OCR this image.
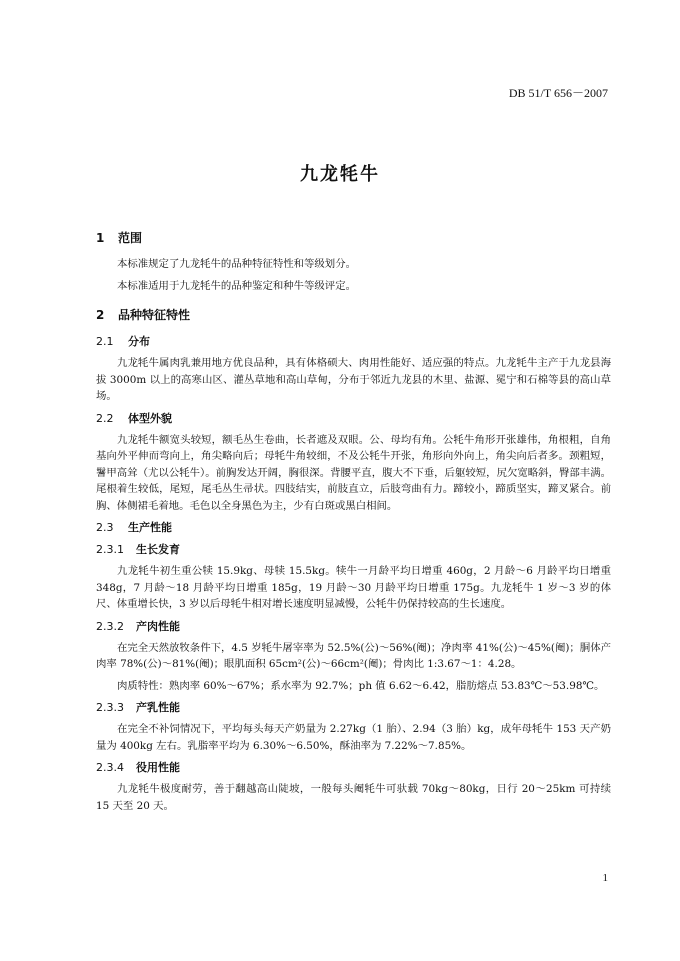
DB 51/T 656－2007
九龙牦牛
1 范围

本标准规定了九龙牦牛的品种特征特性和等级划分。

本标准适用于九龙牦牛的品种鉴定和种牛等级评定。

2 品种特征特性
2.1 分布

九龙牦牛属肉乳兼用地方优良品种，具有体格硕大、肉用性能好、适应强的特点。九龙牦牛主产于九龙县海拔 3000m 以上的高寒山区、灌丛草地和高山草甸，分布于邻近九龙县的木里、盐源、冕宁和石棉等县的高山草场。

2.2 体型外貌

九龙牦牛额宽头较短，额毛丛生卷曲，长者遮及双眼。公、母均有角。公牦牛角形开张雄伟，角根粗，自角基向外平伸而弯向上，角尖略向后；母牦牛角较细，不及公牦牛开张，角形向外向上，角尖向后者多。颈粗短，鬐甲高耸（尤以公牦牛）。前胸发达开阔，胸很深。背腰平直，腹大不下垂，后躯较短，尻欠宽略斜，臀部丰满。尾根着生较低，尾短，尾毛丛生帚状。四肢结实，前肢直立，后肢弯曲有力。蹄较小，蹄质坚实，蹄叉紧合。前胸、体侧裙毛着地。毛色以全身黑色为主，少有白斑或黑白相间。

2.3 生产性能
2.3.1 生长发育

九龙牦牛初生重公犊 15.9kg、母犊 15.5kg。犊牛一月龄平均日增重 460g，2 月龄～6 月龄平均日增重 348g，7 月龄～18 月龄平均日增重 185g，19 月龄～30 月龄平均日增重 175g。九龙牦牛 1 岁～3 岁的体尺、体重增长快，3 岁以后母牦牛相对增长速度明显减慢，公牦牛仍保持较高的生长速度。

2.3.2 产肉性能

在完全天然放牧条件下，4.5 岁牦牛屠宰率为 52.5%(公)～56%(阉)；净肉率 41%(公)～45%(阉)；胴体产肉率 78%(公)～81%(阉)；眼肌面积 65cm²(公)～66cm²(阉)；骨肉比 1:3.67～1：4.28。

肉质特性：熟肉率 60%～67%；系水率为 92.7%；ph 值 6.62～6.42，脂肪熔点 53.83℃～53.98℃。

2.3.3 产乳性能

在完全不补饲情况下，平均每头每天产奶量为 2.27kg（1 胎）、2.94（3 胎）kg，成年母牦牛 153 天产奶量为 400kg 左右。乳脂率平均为 6.30%～6.50%，酥油率为 7.22%～7.85%。

2.3.4 役用性能

九龙牦牛极度耐劳，善于翻越高山陡坡，一般每头阉牦牛可驮载 70kg～80kg，日行 20～25km 可持续 15 天至 20 天。

1
